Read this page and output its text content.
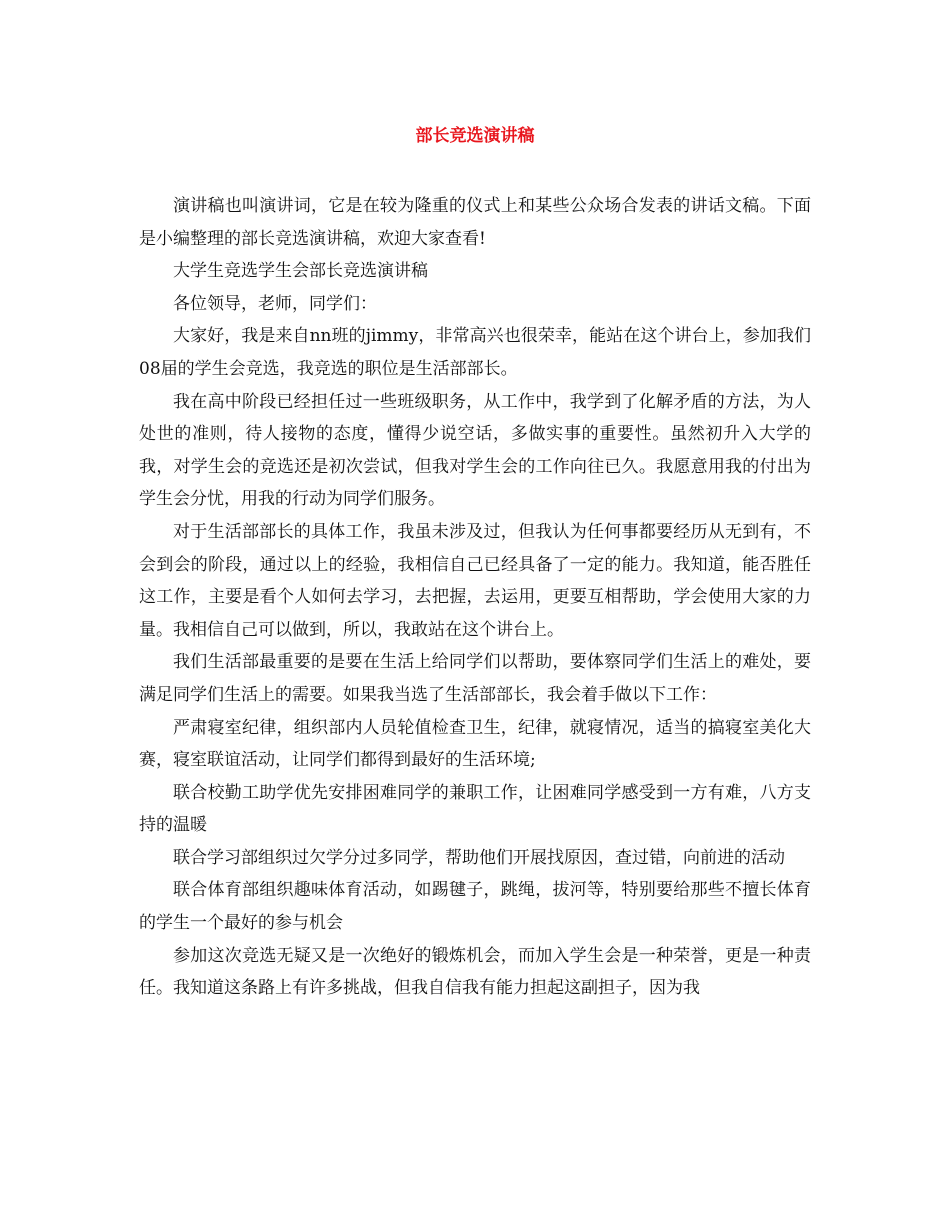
部长竞选演讲稿

演讲稿也叫演讲词，它是在较为隆重的仪式上和某些公众场合发表的讲话文稿。下面是小编整理的部长竞选演讲稿，欢迎大家查看!

大学生竞选学生会部长竞选演讲稿

各位领导，老师，同学们：

大家好，我是来自nn班的jimmy，非常高兴也很荣幸，能站在这个讲台上，参加我们08届的学生会竞选，我竞选的职位是生活部部长。

我在高中阶段已经担任过一些班级职务，从工作中，我学到了化解矛盾的方法，为人处世的准则，待人接物的态度，懂得少说空话，多做实事的重要性。虽然初升入大学的我，对学生会的竞选还是初次尝试，但我对学生会的工作向往已久。我愿意用我的付出为学生会分忧，用我的行动为同学们服务。

对于生活部部长的具体工作，我虽未涉及过，但我认为任何事都要经历从无到有，不会到会的阶段，通过以上的经验，我相信自己已经具备了一定的能力。我知道，能否胜任这工作，主要是看个人如何去学习，去把握，去运用，更要互相帮助，学会使用大家的力量。我相信自己可以做到，所以，我敢站在这个讲台上。

我们生活部最重要的是要在生活上给同学们以帮助，要体察同学们生活上的难处，要满足同学们生活上的需要。如果我当选了生活部部长，我会着手做以下工作：

严肃寝室纪律，组织部内人员轮值检查卫生，纪律，就寝情况，适当的搞寝室美化大赛，寝室联谊活动，让同学们都得到最好的生活环境;

联合校勤工助学优先安排困难同学的兼职工作，让困难同学感受到一方有难，八方支持的温暖

联合学习部组织过欠学分过多同学，帮助他们开展找原因，查过错，向前进的活动

联合体育部组织趣味体育活动，如踢毽子，跳绳，拔河等，特别要给那些不擅长体育的学生一个最好的参与机会

参加这次竞选无疑又是一次绝好的锻炼机会，而加入学生会是一种荣誉，更是一种责任。我知道这条路上有许多挑战，但我自信我有能力担起这副担子，因为我
